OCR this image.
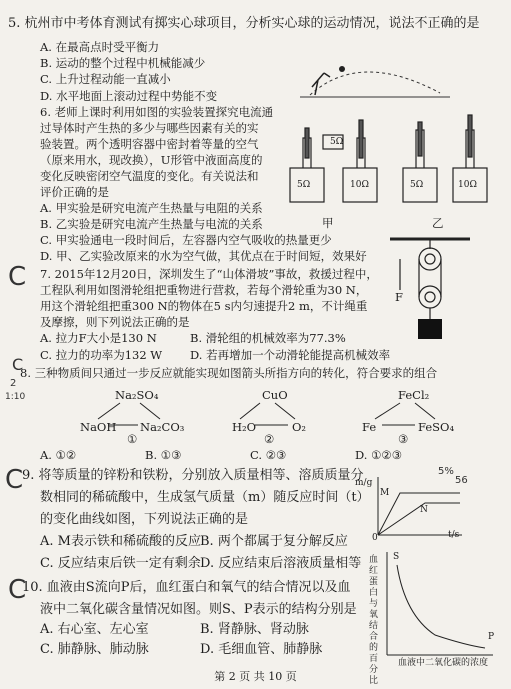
5. 杭州市中考体育测试有掷实心球项目，分析实心球的运动情况，说法不正确的是
A. 在最高点时受平衡力
B. 运动的整个过程中机械能减少
C. 上升过程动能一直减小
D. 水平地面上滚动过程中势能不变
6. 老师上课时利用如图的实验装置探究电流通
过导体时产生热的多少与哪些因素有关的实
验装置。两个透明容器中密封着等量的空气
（原来用水，现改换），U形管中液面高度的
变化反映密闭空气温度的变化。有关说法和
评价正确的是
A. 甲实验是研究电流产生热量与电阻的关系
B. 乙实验是研究电流产生热量与电流的关系
C. 甲实验通电一段时间后，左容器内空气吸收的热量更少
D. 甲、乙实验改原来的水为空气做，其优点在于时间短，效果好
5Ω
5Ω	10Ω	5Ω	10Ω
甲	乙
7. 2015年12月20日，深圳发生了“山体滑坡”事故，救援过程中，
工程队利用如图滑轮组把重物进行营救，若每个滑轮重为30 N，
用这个滑轮组把重300 N的物体在5 s内匀速提升2 m，不计绳重
及摩擦，则下列说法正确的是
A. 拉力F大小是130 N	B. 滑轮组的机械效率为77.3%
C. 拉力的功率为132 W D. 若再增加一个动滑轮能提高机械效率
F
8. 三种物质间只通过一步反应就能实现如图箭头所指方向的转化，符合要求的组合
Na₂SO₄
NaOH Na₂CO₃
①
CuO
H₂O	O₂
②
FeCl₂
Fe	FeSO₄
③
A. ①②	B. ①③	C. ②③	D. ①②③
9. 将等质量的锌粉和铁粉，分别放入质量相等、溶质质量分
数相同的稀硫酸中，生成氢气质量（m）随反应时间（t）
的变化曲线如图，下列说法正确的是
A. M表示铁和稀硫酸的反应 B. 两个都属于复分解反应
C. 反应结束后铁一定有剩余 D. 反应结束后溶液质量相等
m/g
t/s
0
M
N
10. 血液由S流向P后，血红蛋白和氧气的结合情况以及血
液中二氧化碳含量情况如图。则S、P表示的结构分别是
A. 右心室、左心室	B. 肾静脉、肾动脉
C. 肺静脉、肺动脉	D. 毛细血管、肺静脉
血红蛋白与氧结合的百分比
血液中二氧化碳的浓度
S
P
C
C
C
C
5%
56
2
1:10
第 2 页 共 10 页
